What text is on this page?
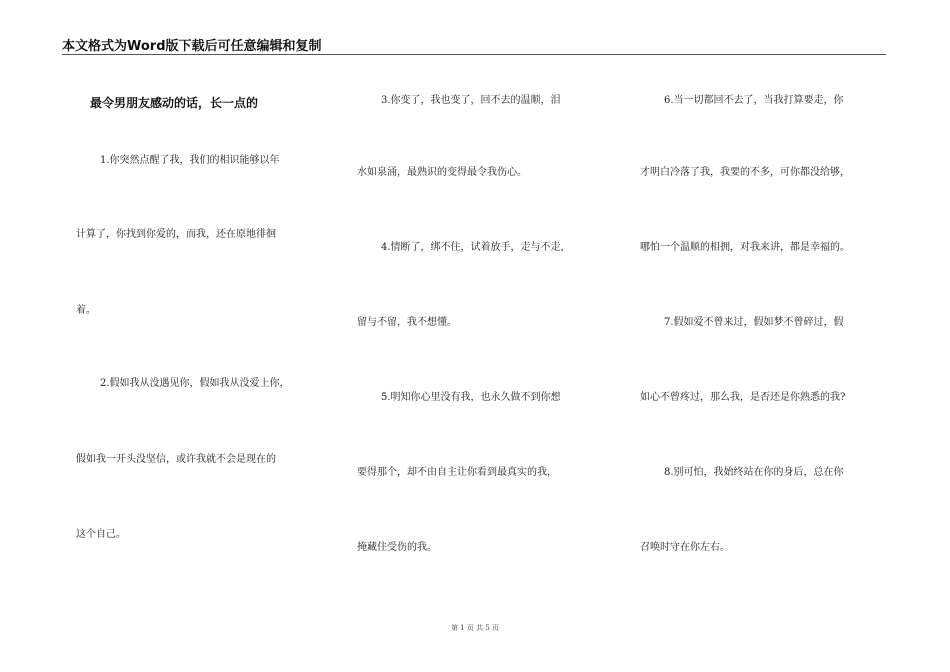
本文格式为Word版下载后可任意编辑和复制
最令男朋友感动的话，长一点的
1.你突然点醒了我，我们的相识能够以年
计算了，你找到你爱的，而我，还在原地徘徊
着。
2.假如我从没遇见你，假如我从没爱上你，
假如我一开头没坚信，或许我就不会是现在的
这个自己。
3.你变了，我也变了，回不去的温顺，泪
水如泉涌，最熟识的变得最令我伤心。
4.情断了，绑不住，试着放手，走与不走，
留与不留，我不想懂。
5.明知你心里没有我，也永久做不到你想
要得那个，却不由自主让你看到最真实的我，
掩藏住受伤的我。
6.当一切都回不去了，当我打算要走，你
才明白冷落了我，我要的不多，可你都没给够，
哪怕一个温顺的相拥，对我来讲，都是幸福的。
7.假如爱不曾来过，假如梦不曾碎过，假
如心不曾疼过，那么我，是否还是你熟悉的我?
8.别可怕，我始终站在你的身后，总在你
召唤时守在你左右。
第 1 页 共 5 页
